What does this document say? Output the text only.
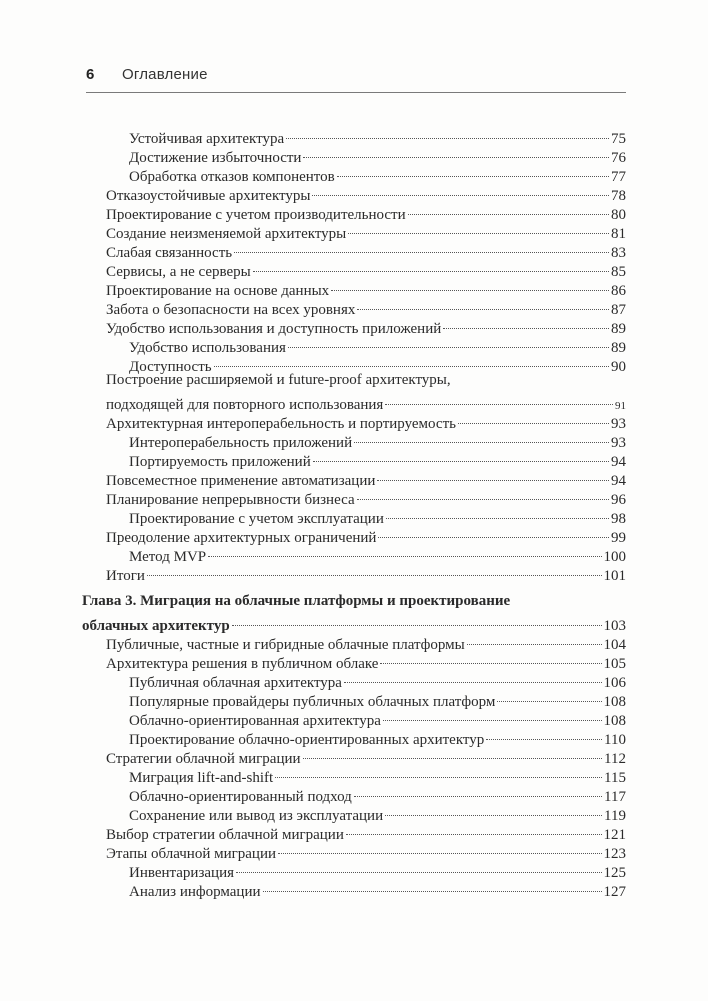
6 Оглавление
Устойчивая архитектура	75
Достижение избыточности	76
Обработка отказов компонентов	77
Отказоустойчивые архитектуры	78
Проектирование с учетом производительности	80
Создание неизменяемой архитектуры	81
Слабая связанность	83
Сервисы, а не серверы	85
Проектирование на основе данных	86
Забота о безопасности на всех уровнях	87
Удобство использования и доступность приложений	89
Удобство использования	89
Доступность	90
Построение расширяемой и future-proof архитектуры,
подходящей для повторного использования	91
Архитектурная интероперабельность и портируемость	93
Интероперабельность приложений	93
Портируемость приложений	94
Повсеместное применение автоматизации	94
Планирование непрерывности бизнеса	96
Проектирование с учетом эксплуатации	98
Преодоление архитектурных ограничений	99
Метод MVP	100
Итоги	101
Глава 3. Миграция на облачные платформы и проектирование
облачных архитектур	103
Публичные, частные и гибридные облачные платформы	104
Архитектура решения в публичном облаке	105
Публичная облачная архитектура	106
Популярные провайдеры публичных облачных платформ	108
Облачно-ориентированная архитектура	108
Проектирование облачно-ориентированных архитектур	110
Стратегии облачной миграции	112
Миграция lift-and-shift	115
Облачно-ориентированный подход	117
Сохранение или вывод из эксплуатации	119
Выбор стратегии облачной миграции	121
Этапы облачной миграции	123
Инвентаризация	125
Анализ информации	127
